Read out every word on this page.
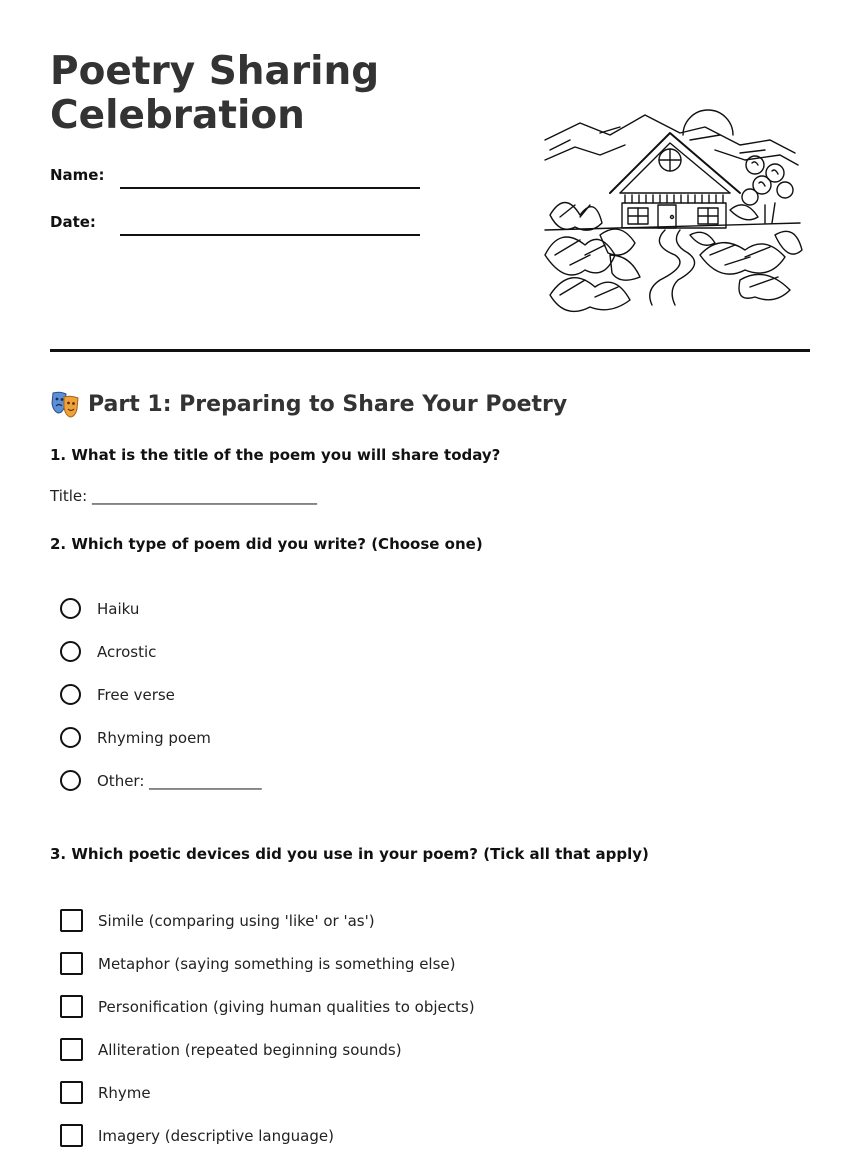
Poetry Sharing Celebration
Name:
Date:
Part 1: Preparing to Share Your Poetry

1. What is the title of the poem you will share today?

Title: ______________________________

2. Which type of poem did you write? (Choose one)

Haiku
Acrostic
Free verse
Rhyming poem
Other: _______________

3. Which poetic devices did you use in your poem? (Tick all that apply)

Simile (comparing using 'like' or 'as')
Metaphor (saying something is something else)
Personification (giving human qualities to objects)
Alliteration (repeated beginning sounds)
Rhyme
Imagery (descriptive language)
